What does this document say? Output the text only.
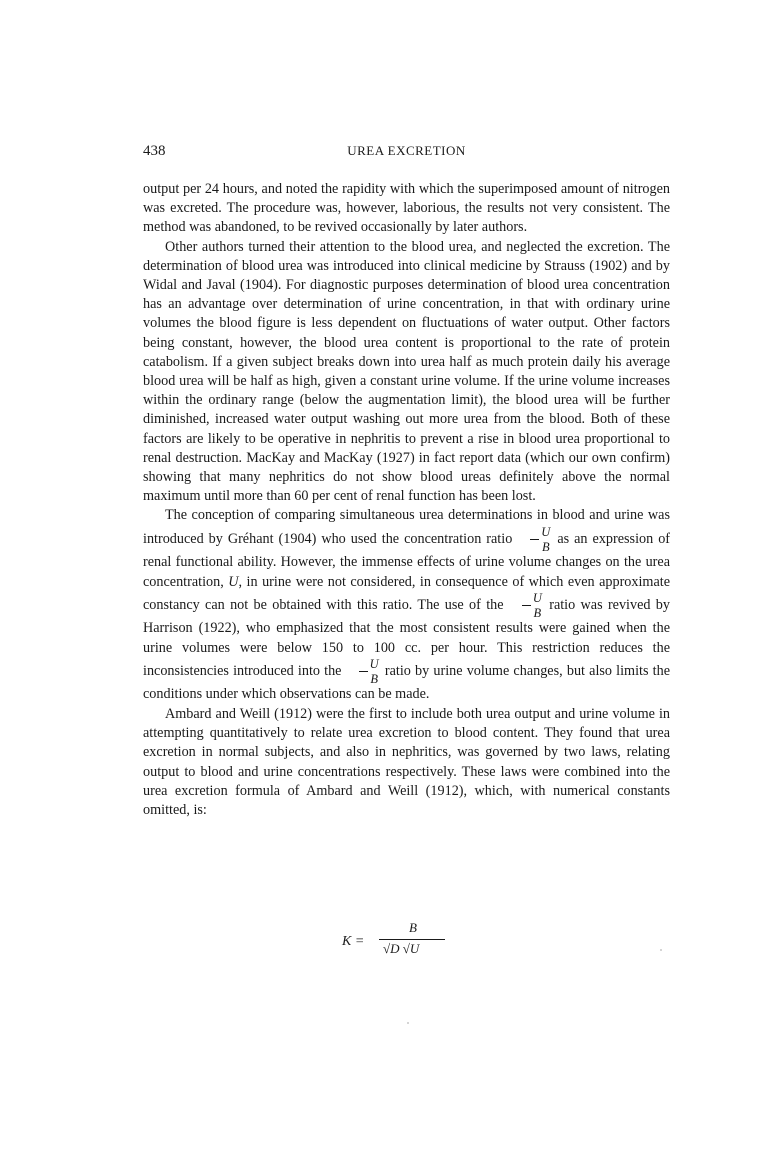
438	UREA EXCRETION

output per 24 hours, and noted the rapidity with which the superimposed amount of nitrogen was excreted. The procedure was, however, laborious, the results not very consistent. The method was abandoned, to be revived occasionally by later authors.

Other authors turned their attention to the blood urea, and neglected the excretion. The determination of blood urea was introduced into clinical medicine by Strauss (1902) and by Widal and Javal (1904). For diagnostic purposes determination of blood urea concentration has an advantage over determination of urine concentration, in that with ordinary urine volumes the blood figure is less dependent on fluctuations of water output. Other factors being constant, however, the blood urea content is proportional to the rate of protein catabolism. If a given subject breaks down into urea half as much protein daily his average blood urea will be half as high, given a constant urine volume. If the urine volume increases within the ordinary range (below the augmentation limit), the blood urea will be further diminished, increased water output washing out more urea from the blood. Both of these factors are likely to be operative in nephritis to prevent a rise in blood urea proportional to renal destruction. MacKay and MacKay (1927) in fact report data (which our own confirm) showing that many nephritics do not show blood ureas definitely above the normal maximum until more than 60 per cent of renal function has been lost.

The conception of comparing simultaneous urea determinations in blood and urine was introduced by Gréhant (1904) who used the concentration ratio $\frac{U}{B}$ as an expression of renal functional ability. However, the immense effects of urine volume changes on the urea concentration, U, in urine were not considered, in consequence of which even approximate constancy can not be obtained with this ratio. The use of the $\frac{U}{B}$ ratio was revived by Harrison (1922), who emphasized that the most consistent results were gained when the urine volumes were below 150 to 100 cc. per hour. This restriction reduces the inconsistencies introduced into the $\frac{U}{B}$ ratio by urine volume changes, but also limits the conditions under which observations can be made.

Ambard and Weill (1912) were the first to include both urea output and urine volume in attempting quantitatively to relate urea excretion to blood content. They found that urea excretion in normal subjects, and also in nephritics, was governed by two laws, relating output to blood and urine concentrations respectively. These laws were combined into the urea excretion formula of Ambard and Weill (1912), which, with numerical constants omitted, is:

K =
B
√D √U
